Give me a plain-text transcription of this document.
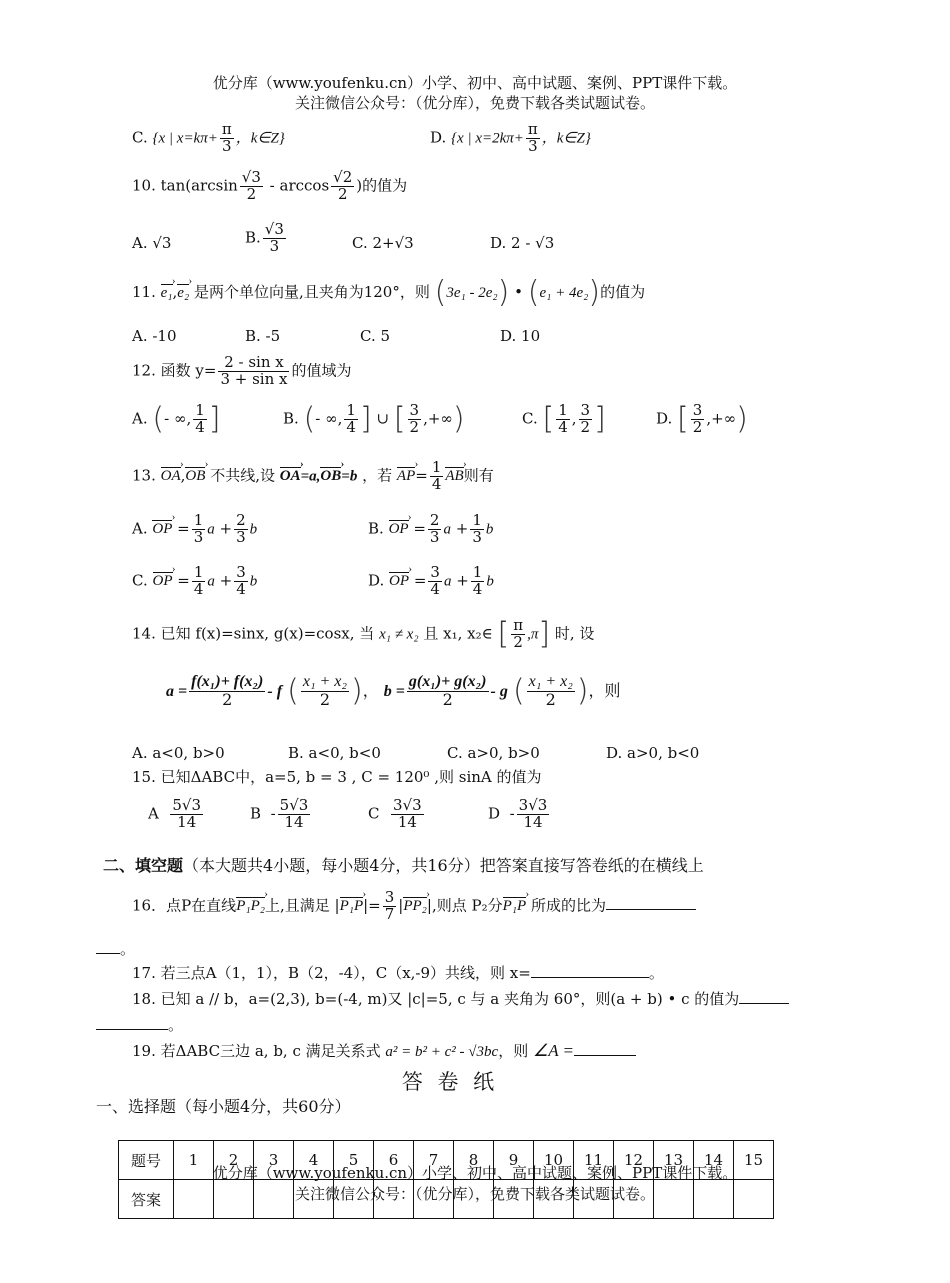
优分库（www.youfenku.cn）小学、初中、高中试题、案例、PPT课件下载。
关注微信公众号：（优分库），免费下载各类试题试卷。
C. {x | $x=k\pi+ \frac{\pi}{3}$ ，k∈Z}	D. {x | $x=2k\pi+ \frac{\pi}{3}$ ，k∈Z}
10. $\tan(\arcsin \frac{√3}{2}$ - $\arccos \frac{√2}{2}$ )的值为
A. √3	B. $\frac{√3}{3}$	C. 2+√3	D. 2 - √3
11. e₁ ›,e₂ › 是两个单位向量,且夹角为120°，则 (3e₁ - 2e₂) • (e₁ + 4e₂)的值为
A. -10	B. -5	C. 5	D. 10
12. 函数 $y= \frac{\text{2 - sin x}}{\text{3 + sin x}}$ 的值域为
A. (- ∞, $\frac{1}{4}$ ]	B. (- ∞, $\frac{1}{4}$ ] ∪ [ $\frac{3}{2}$ ,+∞)	C. [ $\frac{1}{4}$ , $\frac{3}{2}$ ]	D. [ $\frac{3}{2}$ ,+∞)
13. OA ›,OB › 不共线,设 OA ›=a,OB ›=b ，若 AP ›= $\frac{1}{4}$ AB ›则有
A. OP › = $\frac{1}{3}$ $a + \frac{2}{3}$ b	B. OP › = $\frac{2}{3}$ $a + \frac{1}{3}$ b
C. OP › = $\frac{1}{4}$ $a + \frac{3}{4}$ b	D. OP › = $\frac{3}{4}$ $a + \frac{1}{4}$ b
14. 已知 f(x)=sinx, g(x)=cosx, 当 x₁ ≠ x₂ 且 x₁, x₂∈ [ $\frac{\pi}{2} ,\pi$] 时, 设
$a = \frac{\text{f(x₁)+ f(x₂)}}{2} - f$ ( $\frac{\text{x₁ + x₂}}{2}$ )， $b = \frac{\text{g(x₁)+ g(x₂)}}{2} - g$ ( $\frac{\text{x₁ + x₂}}{2}$ )，则
A. a<0, b>0	B. a<0, b<0	C. a>0, b>0	D. a>0, b<0
15. 已知ΔABC中，a=5, b = 3 , C = 120⁰ ,则 sinA 的值为
A $\frac{5√3}{14}$	B - $\frac{5√3}{14}$	C $\frac{3√3}{14}$	D - $\frac{3√3}{14}$
二、填空题（本大题共4小题，每小题4分，共16分）把答案直接写答卷纸的在横线上
16．点P在直线P₁P₂ ›上,且满足 |P₁P ›|= $\frac{3}{7} |PP_2$ ›|,则点 P₂分P₁P › 所成的比为
。
17. 若三点A（1，1），B（2，-4），C（x,-9）共线，则 x=	。
18. 已知 a // b，a=(2,3), b=(-4, m)又 |c|=5, c 与 a 夹角为 60°，则(a + b) • c 的值为
。
19. 若ΔABC三边 a, b, c 满足关系式 a² = b² + c² - √3bc，则 ∠A =
答 卷 纸
一、选择题（每小题4分，共60分）
题号	1	2	3	4	5	6	7	8	9	10	11	12	13	14	15
答案															
优分库（www.youfenku.cn）小学、初中、高中试题、案例、PPT课件下载。
关注微信公众号：（优分库），免费下载各类试题试卷。
